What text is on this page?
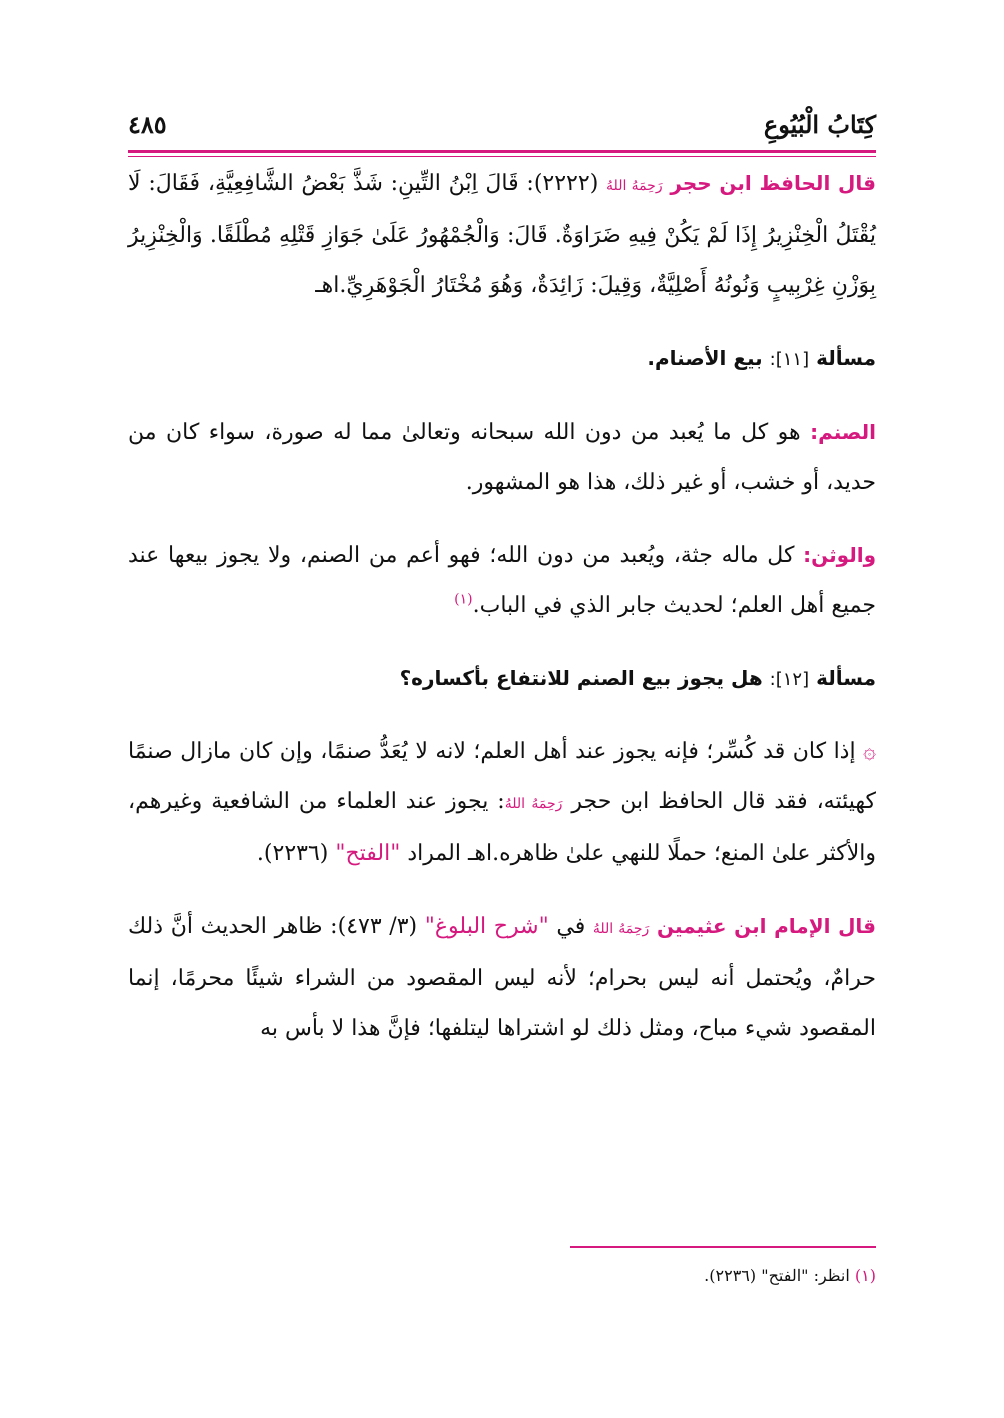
كِتَابُ الْبُيُوعِ
٤٨٥

قال الحافظ ابن حجر رَحِمَهُ اللهُ (٢٢٢٢): قَالَ اِبْنُ التِّينِ: شَذَّ بَعْضُ الشَّافِعِيَّةِ، فَقَالَ: لَا يُقْتَلُ الْخِنْزِيرُ إِذَا لَمْ يَكُنْ فِيهِ ضَرَاوَةٌ. قَالَ: وَالْجُمْهُورُ عَلَىٰ جَوَازِ قَتْلِهِ مُطْلَقًا. وَالْخِنْزِيرُ بِوَزْنِ غِرْبِيبٍ وَنُونُهُ أَصْلِيَّةٌ، وَقِيلَ: زَائِدَةٌ، وَهُوَ مُخْتَارُ الْجَوْهَرِيِّ.اهـ

مسألة [١١]: بيع الأصنام.

الصنم: هو كل ما يُعبد من دون الله سبحانه وتعالىٰ مما له صورة، سواء كان من حديد، أو خشب، أو غير ذلك، هذا هو المشهور.

والوثن: كل ماله جثة، ويُعبد من دون الله؛ فهو أعم من الصنم، ولا يجوز بيعها عند جميع أهل العلم؛ لحديث جابر الذي في الباب.$^{(١)}$

مسألة [١٢]: هل يجوز بيع الصنم للانتفاع بأكساره؟

۞ إذا كان قد كُسِّر؛ فإنه يجوز عند أهل العلم؛ لانه لا يُعَدُّ صنمًا، وإن كان مازال صنمًا كهيئته، فقد قال الحافظ ابن حجر رَحِمَهُ اللهُ: يجوز عند العلماء من الشافعية وغيرهم، والأكثر علىٰ المنع؛ حملًا للنهي علىٰ ظاهره.اهـ المراد "الفتح" (٢٢٣٦).

قال الإمام ابن عثيمين رَحِمَهُ اللهُ في "شرح البلوغ" (٣/ ٤٧٣): ظاهر الحديث أنَّ ذلك حرامٌ، ويُحتمل أنه ليس بحرام؛ لأنه ليس المقصود من الشراء شيئًا محرمًا، إنما المقصود شيء مباح، ومثل ذلك لو اشتراها ليتلفها؛ فإنَّ هذا لا بأس به

(١) انظر: "الفتح" (٢٢٣٦).
